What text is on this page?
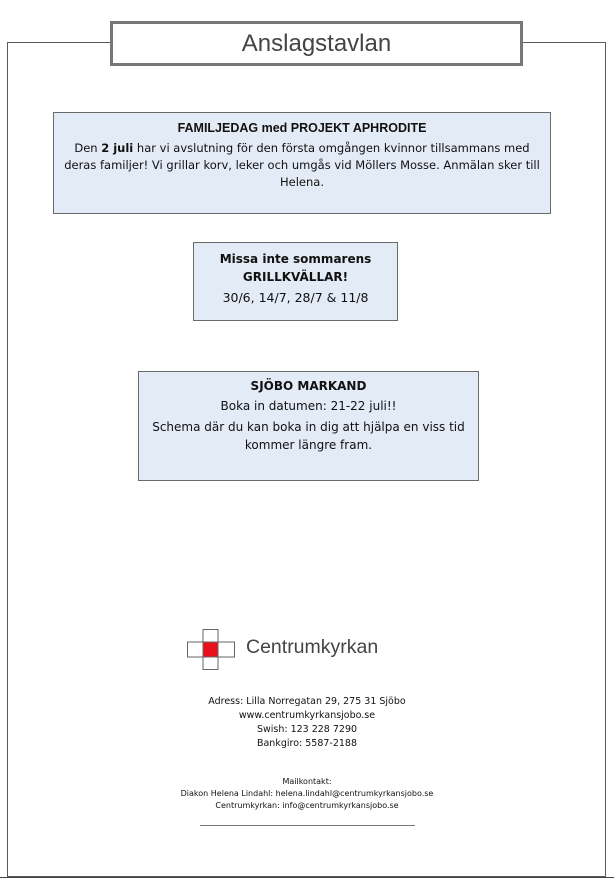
Anslagstavlan
FAMILJEDAG med PROJEKT APHRODITE
Den 2 juli har vi avslutning för den första omgången kvinnor tillsammans med deras familjer! Vi grillar korv, leker och umgås vid Möllers Mosse. Anmälan sker till Helena.
Missa inte sommarens
GRILLKVÄLLAR!
30/6, 14/7, 28/7 & 11/8
SJÖBO MARKAND
Boka in datumen: 21-22 juli!!
Schema där du kan boka in dig att hjälpa en viss tid kommer längre fram.
Centrumkyrkan
Adress: Lilla Norregatan 29, 275 31 Sjöbo
www.centrumkyrkansjobo.se
Swish: 123 228 7290
Bankgiro: 5587-2188
Mailkontakt:
Diakon Helena Lindahl: helena.lindahl@centrumkyrkansjobo.se
Centrumkyrkan: info@centrumkyrkansjobo.se
